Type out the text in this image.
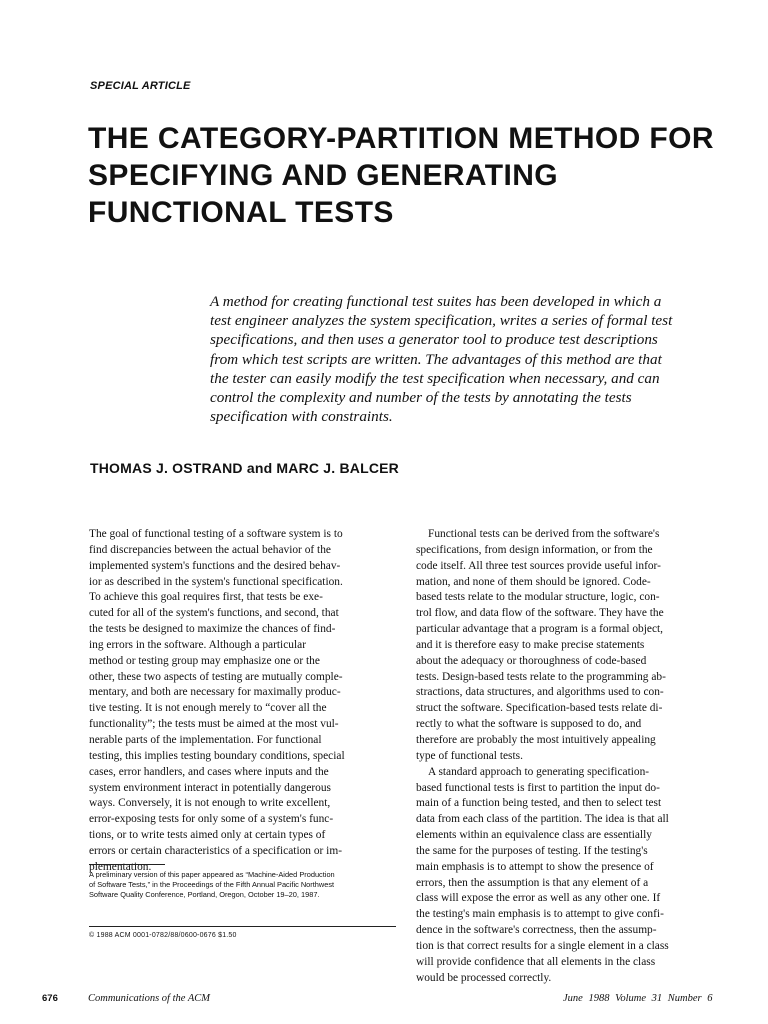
SPECIAL ARTICLE
THE CATEGORY-PARTITION METHOD FOR
SPECIFYING AND GENERATING
FUNCTIONAL TESTS
A method for creating functional test suites has been developed in which a
test engineer analyzes the system specification, writes a series of formal test
specifications, and then uses a generator tool to produce test descriptions
from which test scripts are written. The advantages of this method are that
the tester can easily modify the test specification when necessary, and can
control the complexity and number of the tests by annotating the tests
specification with constraints.
THOMAS J. OSTRAND and MARC J. BALCER
The goal of functional testing of a software system is to
find discrepancies between the actual behavior of the
implemented system's functions and the desired behav-
ior as described in the system's functional specification.
To achieve this goal requires first, that tests be exe-
cuted for all of the system's functions, and second, that
the tests be designed to maximize the chances of find-
ing errors in the software. Although a particular
method or testing group may emphasize one or the
other, these two aspects of testing are mutually comple-
mentary, and both are necessary for maximally produc-
tive testing. It is not enough merely to “cover all the
functionality”; the tests must be aimed at the most vul-
nerable parts of the implementation. For functional
testing, this implies testing boundary conditions, special
cases, error handlers, and cases where inputs and the
system environment interact in potentially dangerous
ways. Conversely, it is not enough to write excellent,
error-exposing tests for only some of a system's func-
tions, or to write tests aimed only at certain types of
errors or certain characteristics of a specification or im-
plementation.
Functional tests can be derived from the software's
specifications, from design information, or from the
code itself. All three test sources provide useful infor-
mation, and none of them should be ignored. Code-
based tests relate to the modular structure, logic, con-
trol flow, and data flow of the software. They have the
particular advantage that a program is a formal object,
and it is therefore easy to make precise statements
about the adequacy or thoroughness of code-based
tests. Design-based tests relate to the programming ab-
stractions, data structures, and algorithms used to con-
struct the software. Specification-based tests relate di-
rectly to what the software is supposed to do, and
therefore are probably the most intuitively appealing
type of functional tests.
A standard approach to generating specification-
based functional tests is first to partition the input do-
main of a function being tested, and then to select test
data from each class of the partition. The idea is that all
elements within an equivalence class are essentially
the same for the purposes of testing. If the testing's
main emphasis is to attempt to show the presence of
errors, then the assumption is that any element of a
class will expose the error as well as any other one. If
the testing's main emphasis is to attempt to give confi-
dence in the software's correctness, then the assump-
tion is that correct results for a single element in a class
will provide confidence that all elements in the class
would be processed correctly.
A preliminary version of this paper appeared as “Machine-Aided Production
of Software Tests,” in the Proceedings of the Fifth Annual Pacific Northwest
Software Quality Conference, Portland, Oregon, October 19–20, 1987.
© 1988 ACM 0001-0782/88/0600-0676 $1.50
676	Communications of the ACM	June 1988 Volume 31 Number 6
